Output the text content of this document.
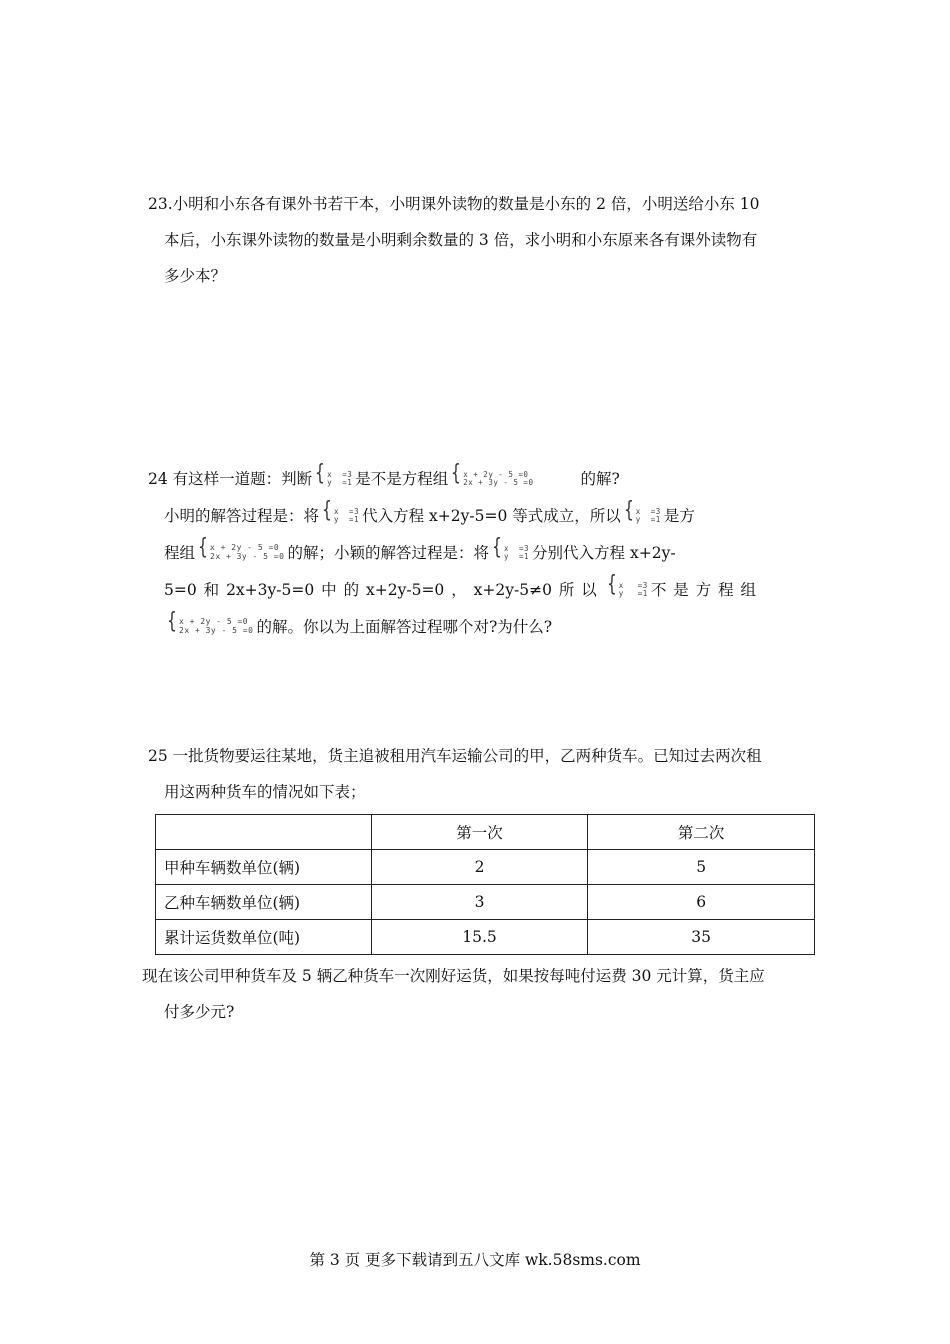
23.小明和小东各有课外书若干本，小明课外读物的数量是小东的 2 倍，小明送给小东 10

本后，小东课外读物的数量是小明剩余数量的 3 倍，求小明和小东原来各有课外读物有

多少本？

24 有这样一道题：判断 { x  =3
y  =1 是不是方程组 { x + 2y - 5 =0
2x + 3y - 5 =0	的解?

小明的解答过程是：将 { x  =3
y  =1 代入方程 x+2y-5=0 等式成立，所以 { x  =3
y  =1 是方

程组 { x + 2y - 5 =0
2x + 3y - 5 =0 的解；小颖的解答过程是：将 { x  =3
y  =1 分别代入方程 x+2y-

5=0 和 2x+3y-5=0 中 的 x+2y-5=0 ， x+2y-5≠0 所 以 { x  =3
y  =1 不 是 方 程 组

{ x + 2y - 5 =0
2x + 3y - 5 =0 的解。你以为上面解答过程哪个对?为什么?

25 一批货物要运往某地，货主追被租用汽车运输公司的甲，乙两种货车。已知过去两次租

用这两种货车的情况如下表；

	第一次	第二次
甲种车辆数单位(辆)	2	5
乙种车辆数单位(辆)	3	6
累计运货数单位(吨)	15.5	35

现在该公司甲种货车及 5 辆乙种货车一次刚好运货，如果按每吨付运费 30 元计算，货主应

付多少元?

第 3 页 更多下载请到五八文库 wk.58sms.com
